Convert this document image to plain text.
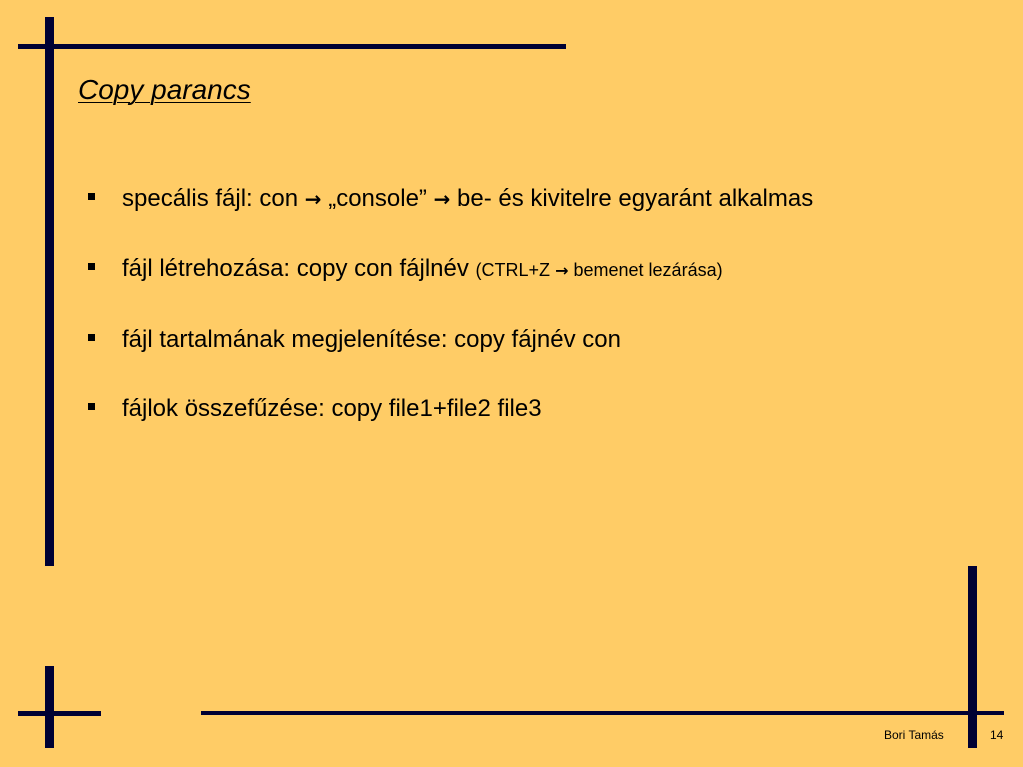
Copy parancs
specális fájl: con → „console” → be- és kivitelre egyaránt alkalmas
fájl létrehozása: copy con fájlnév (CTRL+Z → bemenet lezárása)
fájl tartalmának megjelenítése: copy fájnév con
fájlok összefűzése: copy file1+file2 file3
Bori Tamás	14
